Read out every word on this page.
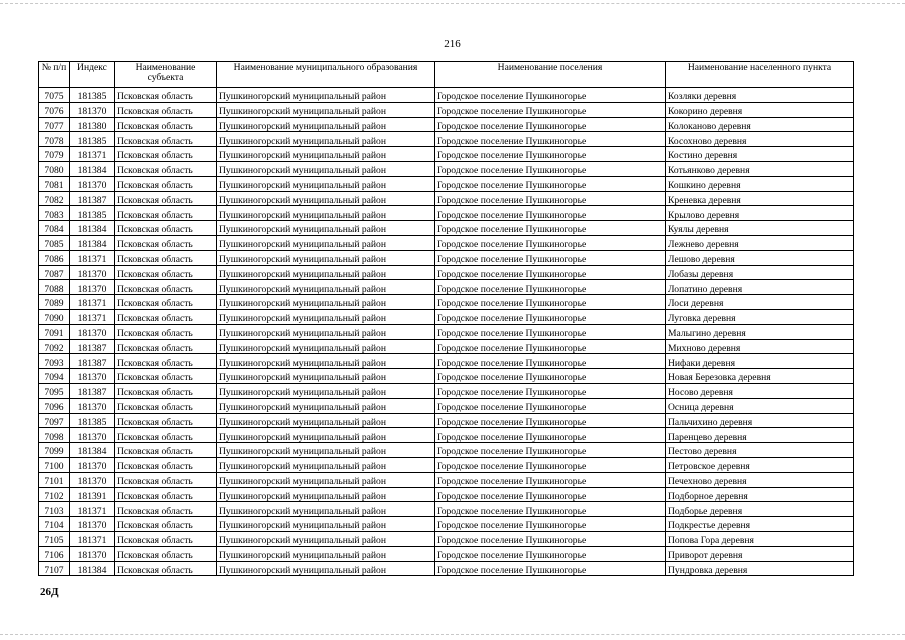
216
№ п/п	Индекс	Наименование субъекта	Наименование муниципального образования	Наименование поселения	Наименование населенного пункта
7075	181385	Псковская область	Пушкиногорский муниципальный район	Городское поселение Пушкиногорье	Козляки деревня
7076	181370	Псковская область	Пушкиногорский муниципальный район	Городское поселение Пушкиногорье	Кокорино деревня
7077	181380	Псковская область	Пушкиногорский муниципальный район	Городское поселение Пушкиногорье	Колоканово деревня
7078	181385	Псковская область	Пушкиногорский муниципальный район	Городское поселение Пушкиногорье	Косохново деревня
7079	181371	Псковская область	Пушкиногорский муниципальный район	Городское поселение Пушкиногорье	Костино деревня
7080	181384	Псковская область	Пушкиногорский муниципальный район	Городское поселение Пушкиногорье	Котьянково деревня
7081	181370	Псковская область	Пушкиногорский муниципальный район	Городское поселение Пушкиногорье	Кошкино деревня
7082	181387	Псковская область	Пушкиногорский муниципальный район	Городское поселение Пушкиногорье	Креневка деревня
7083	181385	Псковская область	Пушкиногорский муниципальный район	Городское поселение Пушкиногорье	Крылово деревня
7084	181384	Псковская область	Пушкиногорский муниципальный район	Городское поселение Пушкиногорье	Куялы деревня
7085	181384	Псковская область	Пушкиногорский муниципальный район	Городское поселение Пушкиногорье	Лежнево деревня
7086	181371	Псковская область	Пушкиногорский муниципальный район	Городское поселение Пушкиногорье	Лешово деревня
7087	181370	Псковская область	Пушкиногорский муниципальный район	Городское поселение Пушкиногорье	Лобазы деревня
7088	181370	Псковская область	Пушкиногорский муниципальный район	Городское поселение Пушкиногорье	Лопатино деревня
7089	181371	Псковская область	Пушкиногорский муниципальный район	Городское поселение Пушкиногорье	Лоси деревня
7090	181371	Псковская область	Пушкиногорский муниципальный район	Городское поселение Пушкиногорье	Луговка деревня
7091	181370	Псковская область	Пушкиногорский муниципальный район	Городское поселение Пушкиногорье	Малыгино деревня
7092	181387	Псковская область	Пушкиногорский муниципальный район	Городское поселение Пушкиногорье	Михново деревня
7093	181387	Псковская область	Пушкиногорский муниципальный район	Городское поселение Пушкиногорье	Нифаки деревня
7094	181370	Псковская область	Пушкиногорский муниципальный район	Городское поселение Пушкиногорье	Новая Березовка деревня
7095	181387	Псковская область	Пушкиногорский муниципальный район	Городское поселение Пушкиногорье	Носово деревня
7096	181370	Псковская область	Пушкиногорский муниципальный район	Городское поселение Пушкиногорье	Осница деревня
7097	181385	Псковская область	Пушкиногорский муниципальный район	Городское поселение Пушкиногорье	Пальчихино деревня
7098	181370	Псковская область	Пушкиногорский муниципальный район	Городское поселение Пушкиногорье	Паренцево деревня
7099	181384	Псковская область	Пушкиногорский муниципальный район	Городское поселение Пушкиногорье	Пестово деревня
7100	181370	Псковская область	Пушкиногорский муниципальный район	Городское поселение Пушкиногорье	Петровское деревня
7101	181370	Псковская область	Пушкиногорский муниципальный район	Городское поселение Пушкиногорье	Печехново деревня
7102	181391	Псковская область	Пушкиногорский муниципальный район	Городское поселение Пушкиногорье	Подборное деревня
7103	181371	Псковская область	Пушкиногорский муниципальный район	Городское поселение Пушкиногорье	Подборье деревня
7104	181370	Псковская область	Пушкиногорский муниципальный район	Городское поселение Пушкиногорье	Подкрестье деревня
7105	181371	Псковская область	Пушкиногорский муниципальный район	Городское поселение Пушкиногорье	Попова Гора деревня
7106	181370	Псковская область	Пушкиногорский муниципальный район	Городское поселение Пушкиногорье	Приворот деревня
7107	181384	Псковская область	Пушкиногорский муниципальный район	Городское поселение Пушкиногорье	Пундровка деревня
26Д
